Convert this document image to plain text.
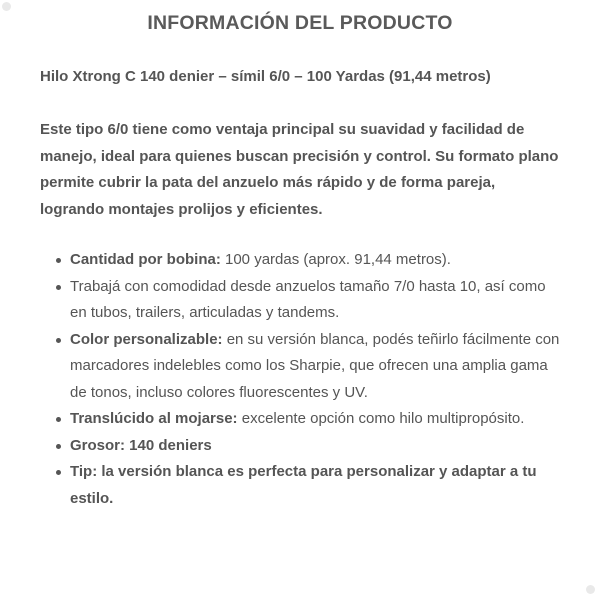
INFORMACIÓN DEL PRODUCTO

Hilo Xtrong C 140 denier – símil 6/0 – 100 Yardas (91,44 metros)

Este tipo 6/0 tiene como ventaja principal su suavidad y facilidad de manejo, ideal para quienes buscan precisión y control. Su formato plano permite cubrir la pata del anzuelo más rápido y de forma pareja, logrando montajes prolijos y eficientes.

Cantidad por bobina: 100 yardas (aprox. 91,44 metros).
Trabajá con comodidad desde anzuelos tamaño 7/0 hasta 10, así como en tubos, trailers, articuladas y tandems.
Color personalizable: en su versión blanca, podés teñirlo fácilmente con marcadores indelebles como los Sharpie, que ofrecen una amplia gama de tonos, incluso colores fluorescentes y UV.
Translúcido al mojarse: excelente opción como hilo multipropósito.
Grosor: 140 deniers
Tip: la versión blanca es perfecta para personalizar y adaptar a tu estilo.
